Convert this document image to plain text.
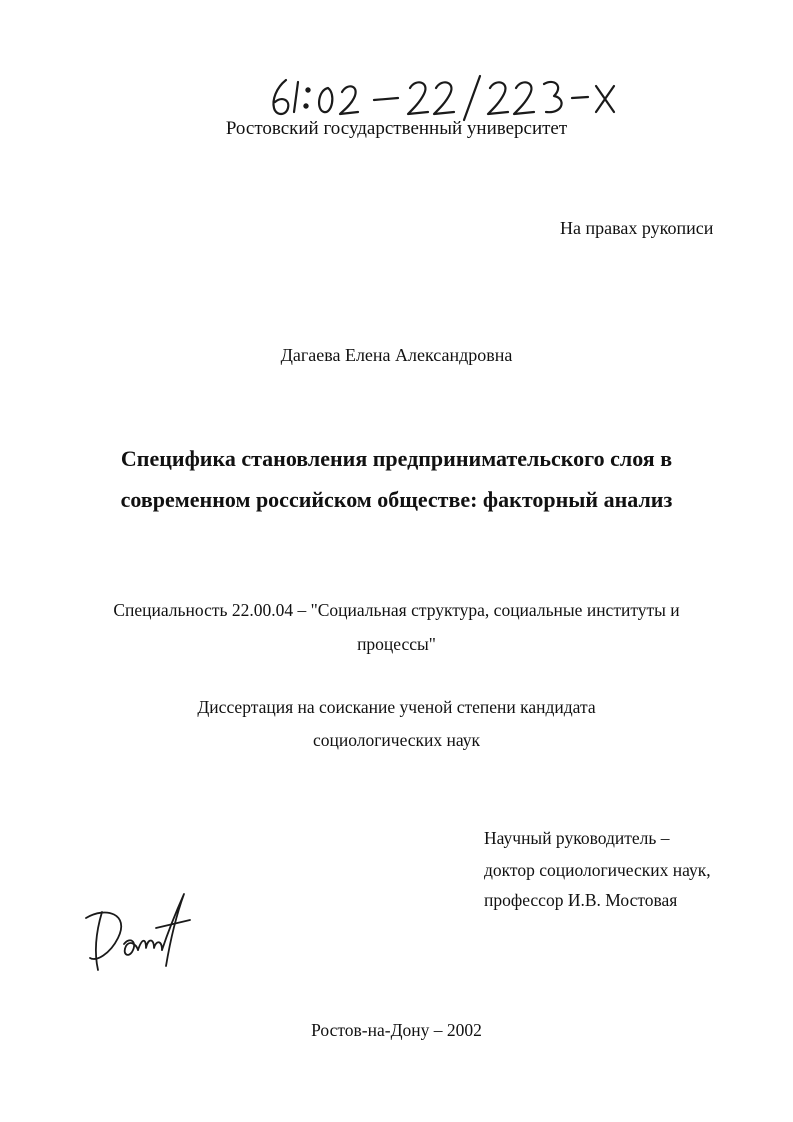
Ростовский государственный университет
На правах рукописи
Дагаева Елена Александровна
Специфика становления предпринимательского слоя в
современном российском обществе: факторный анализ
Специальность 22.00.04 – "Социальная структура, социальные институты и
процессы"
Диссертация на соискание ученой степени кандидата
социологических наук
Научный руководитель –
доктор социологических наук,
профессор И.В. Мостовая
Ростов-на-Дону – 2002
